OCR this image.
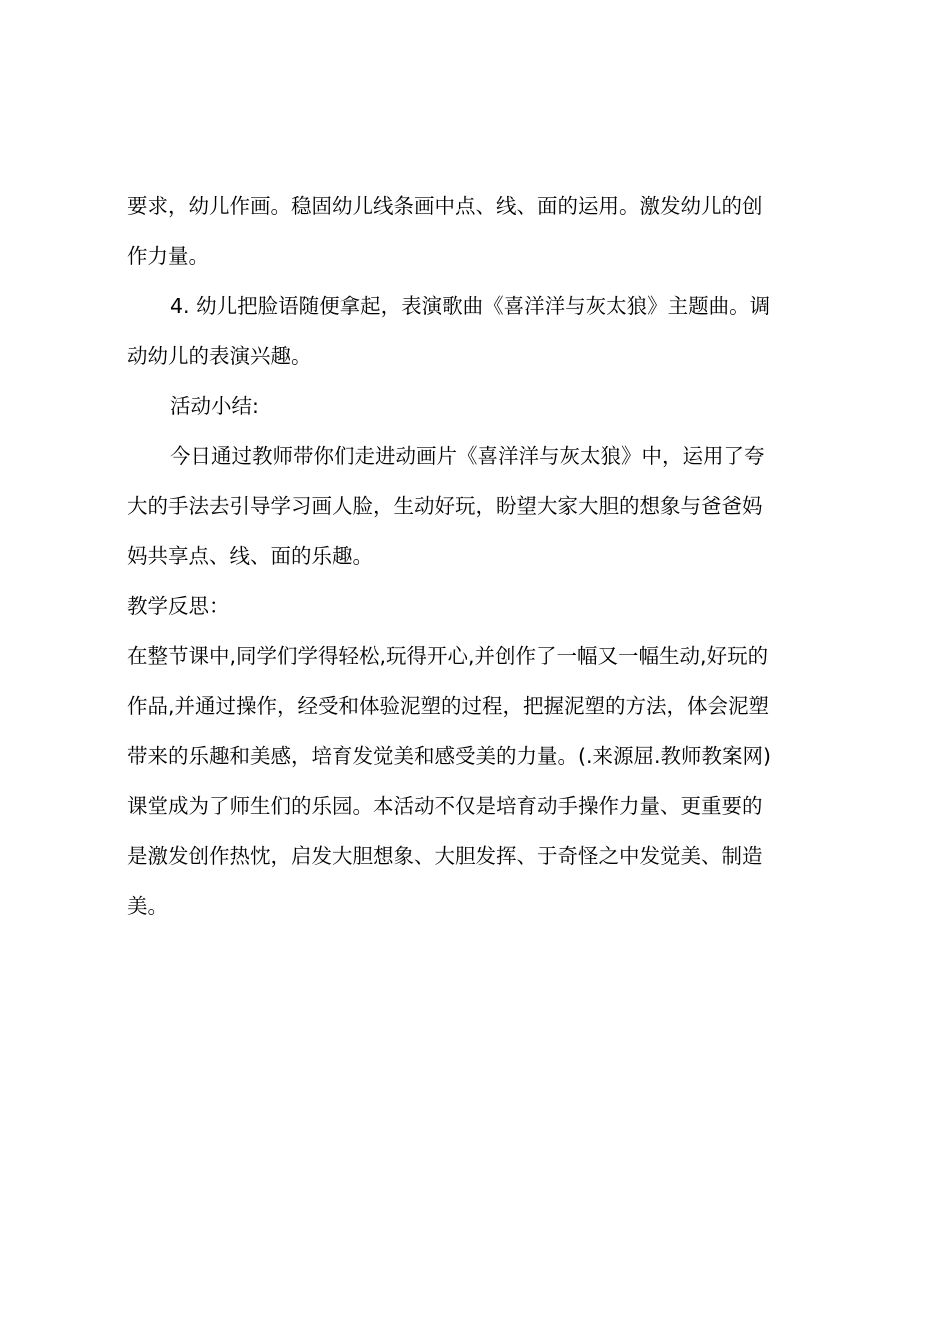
要求，幼儿作画。稳固幼儿线条画中点、线、面的运用。激发幼儿的创
作力量。
4. 幼儿把脸语随便拿起，表演歌曲《喜洋洋与灰太狼》主题曲。调
动幼儿的表演兴趣。
活动小结:
今日通过教师带你们走进动画片《喜洋洋与灰太狼》中，运用了夸
大的手法去引导学习画人脸，生动好玩，盼望大家大胆的想象与爸爸妈
妈共享点、线、面的乐趣。
教学反思：
在整节课中,同学们学得轻松,玩得开心,并创作了一幅又一幅生动,好玩的
作品,并通过操作，经受和体验泥塑的过程，把握泥塑的方法，体会泥塑
带来的乐趣和美感，培育发觉美和感受美的力量。(.来源屈.教师教案网)
课堂成为了师生们的乐园。本活动不仅是培育动手操作力量、更重要的
是激发创作热忱，启发大胆想象、大胆发挥、于奇怪之中发觉美、制造
美。
